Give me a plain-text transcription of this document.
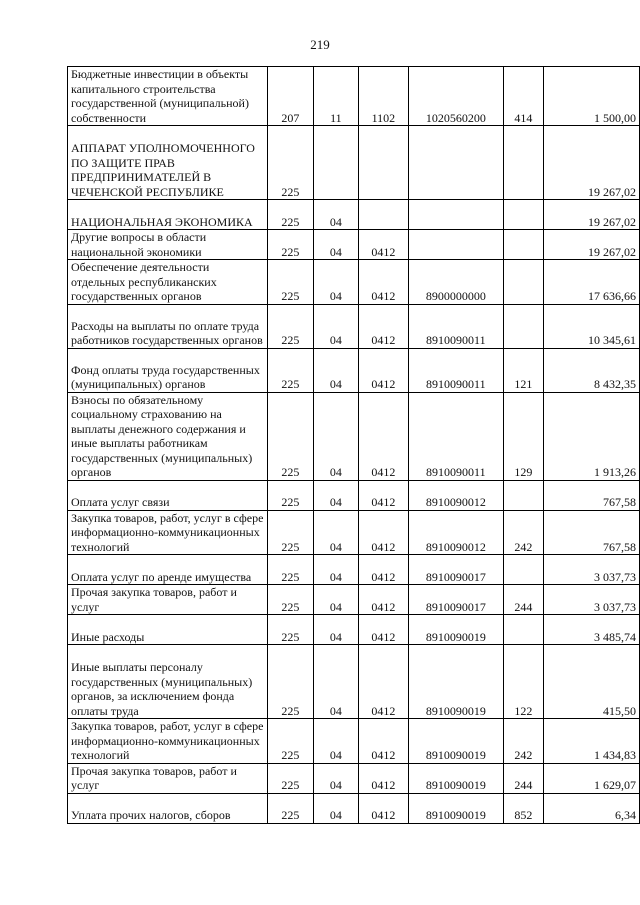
219
Бюджетные инвестиции в объекты капитального строительства государственной (муниципальной) собственности	207	11	1102	1020560200	414	1 500,00
АППАРАТ УПОЛНОМОЧЕННОГО ПО ЗАЩИТЕ ПРАВ ПРЕДПРИНИМАТЕЛЕЙ В ЧЕЧЕНСКОЙ РЕСПУБЛИКЕ	225					19 267,02
НАЦИОНАЛЬНАЯ ЭКОНОМИКА	225	04				19 267,02
Другие вопросы в области национальной экономики	225	04	0412			19 267,02
Обеспечение деятельности отдельных республиканских государственных органов	225	04	0412	8900000000		17 636,66
Расходы на выплаты по оплате труда работников государственных органов	225	04	0412	8910090011		10 345,61
Фонд оплаты труда государственных (муниципальных) органов	225	04	0412	8910090011	121	8 432,35
Взносы по обязательному социальному страхованию на выплаты денежного содержания и иные выплаты работникам государственных (муниципальных) органов	225	04	0412	8910090011	129	1 913,26
Оплата услуг связи	225	04	0412	8910090012		767,58
Закупка товаров, работ, услуг в сфере информационно-коммуникационных технологий	225	04	0412	8910090012	242	767,58
Оплата услуг по аренде имущества	225	04	0412	8910090017		3 037,73
Прочая закупка товаров, работ и услуг	225	04	0412	8910090017	244	3 037,73
Иные расходы	225	04	0412	8910090019		3 485,74
Иные выплаты персоналу государственных (муниципальных) органов, за исключением фонда оплаты труда	225	04	0412	8910090019	122	415,50
Закупка товаров, работ, услуг в сфере информационно-коммуникационных технологий	225	04	0412	8910090019	242	1 434,83
Прочая закупка товаров, работ и услуг	225	04	0412	8910090019	244	1 629,07
Уплата прочих налогов, сборов	225	04	0412	8910090019	852	6,34
